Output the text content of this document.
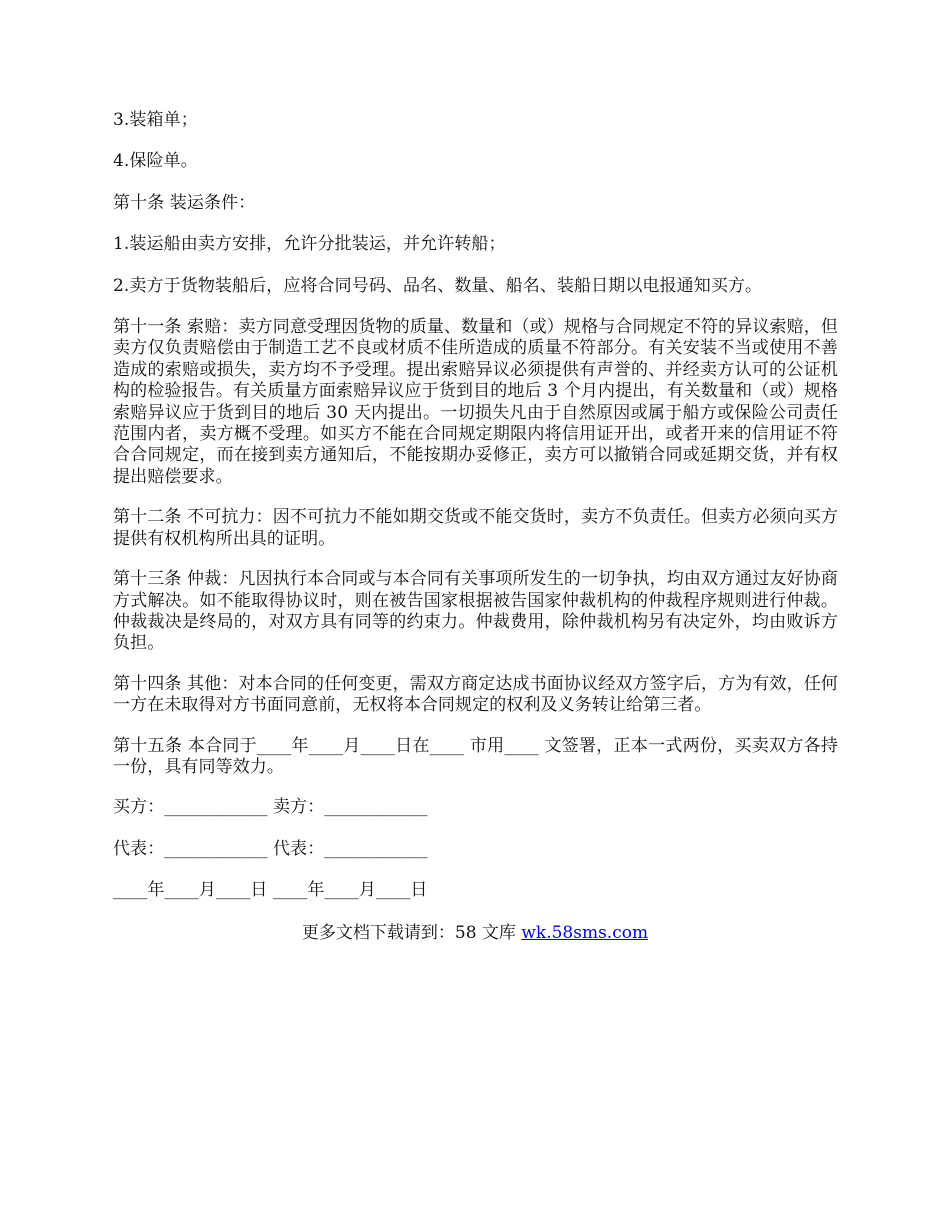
3.装箱单；

4.保险单。

第十条 装运条件：

1.装运船由卖方安排，允许分批装运，并允许转船；

2.卖方于货物装船后，应将合同号码、品名、数量、船名、装船日期以电报通知买方。

第十一条 索赔：卖方同意受理因货物的质量、数量和（或）规格与合同规定不符的异议索赔，但卖方仅负责赔偿由于制造工艺不良或材质不佳所造成的质量不符部分。有关安装不当或使用不善造成的索赔或损失，卖方均不予受理。提出索赔异议必须提供有声誉的、并经卖方认可的公证机构的检验报告。有关质量方面索赔异议应于货到目的地后 3 个月内提出，有关数量和（或）规格索赔异议应于货到目的地后 30 天内提出。一切损失凡由于自然原因或属于船方或保险公司责任范围内者，卖方概不受理。如买方不能在合同规定期限内将信用证开出，或者开来的信用证不符合合同规定，而在接到卖方通知后，不能按期办妥修正，卖方可以撤销合同或延期交货，并有权提出赔偿要求。

第十二条 不可抗力：因不可抗力不能如期交货或不能交货时，卖方不负责任。但卖方必须向买方提供有权机构所出具的证明。

第十三条 仲裁：凡因执行本合同或与本合同有关事项所发生的一切争执，均由双方通过友好协商方式解决。如不能取得协议时，则在被告国家根据被告国家仲裁机构的仲裁程序规则进行仲裁。仲裁裁决是终局的，对双方具有同等的约束力。仲裁费用，除仲裁机构另有决定外，均由败诉方负担。

第十四条 其他：对本合同的任何变更，需双方商定达成书面协议经双方签字后，方为有效，任何一方在未取得对方书面同意前，无权将本合同规定的权利及义务转让给第三者。

第十五条 本合同于____年____月____日在____ 市用____ 文签署，正本一式两份，买卖双方各持一份，具有同等效力。

买方：____________ 卖方：____________

代表：____________ 代表：____________

____年____月____日 ____年____月____日

更多文档下载请到：58 文库 wk.58sms.com
